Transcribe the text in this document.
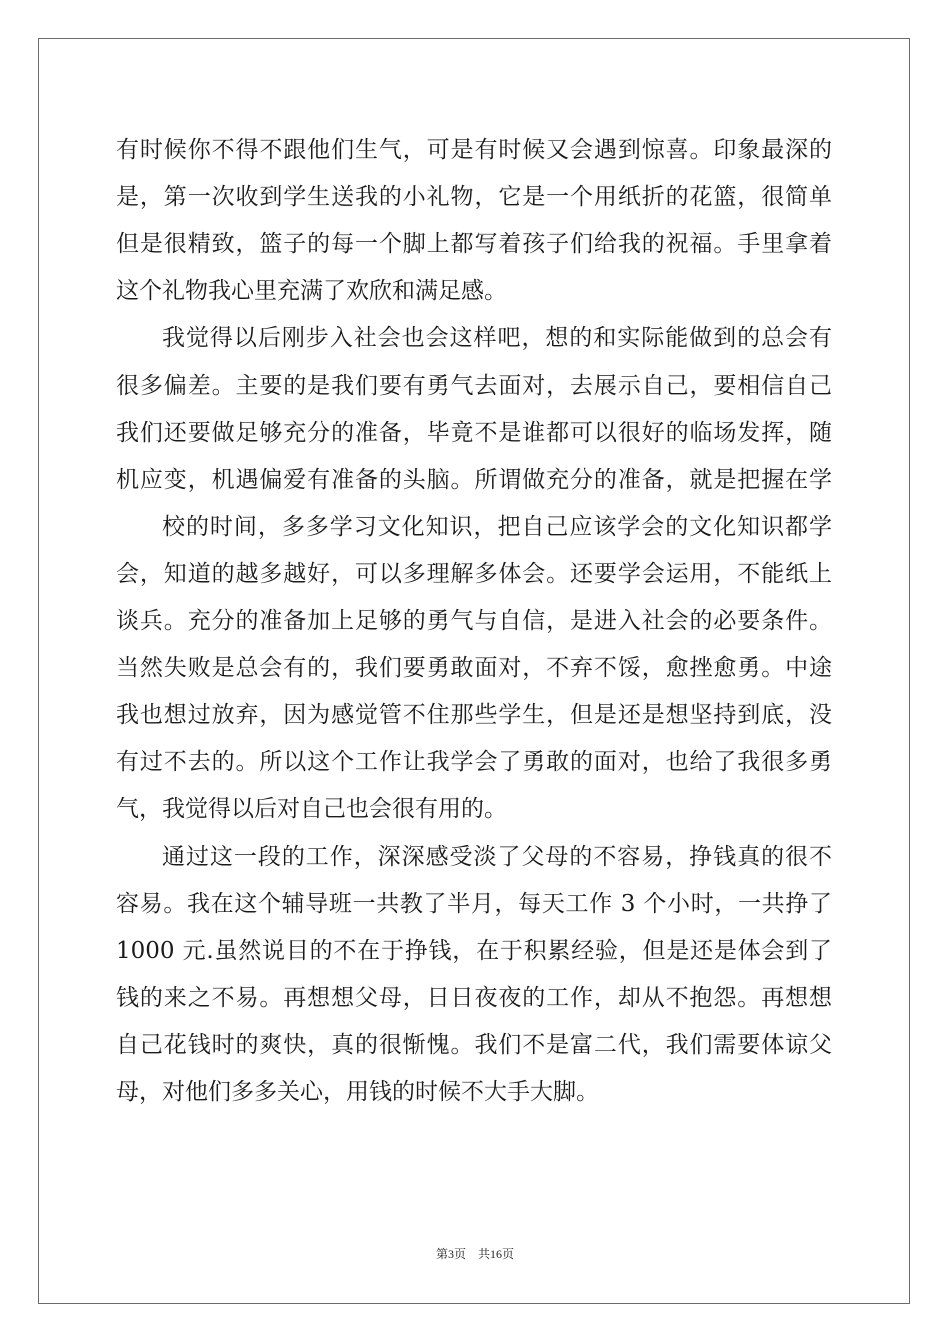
有时候你不得不跟他们生气，可是有时候又会遇到惊喜。印象最深的
是，第一次收到学生送我的小礼物，它是一个用纸折的花篮，很简单
但是很精致，篮子的每一个脚上都写着孩子们给我的祝福。手里拿着
这个礼物我心里充满了欢欣和满足感。
我觉得以后刚步入社会也会这样吧，想的和实际能做到的总会有
很多偏差。主要的是我们要有勇气去面对，去展示自己，要相信自己
我们还要做足够充分的准备，毕竟不是谁都可以很好的临场发挥，随
机应变，机遇偏爱有准备的头脑。所谓做充分的准备，就是把握在学
校的时间，多多学习文化知识，把自己应该学会的文化知识都学
会，知道的越多越好，可以多理解多体会。还要学会运用，不能纸上
谈兵。充分的准备加上足够的勇气与自信，是进入社会的必要条件。
当然失败是总会有的，我们要勇敢面对，不弃不馁，愈挫愈勇。中途
我也想过放弃，因为感觉管不住那些学生，但是还是想坚持到底，没
有过不去的。所以这个工作让我学会了勇敢的面对，也给了我很多勇
气，我觉得以后对自己也会很有用的。
通过这一段的工作，深深感受淡了父母的不容易，挣钱真的很不
容易。我在这个辅导班一共教了半月，每天工作 3 个小时，一共挣了
1000 元.虽然说目的不在于挣钱，在于积累经验，但是还是体会到了
钱的来之不易。再想想父母，日日夜夜的工作，却从不抱怨。再想想
自己花钱时的爽快，真的很惭愧。我们不是富二代，我们需要体谅父
母，对他们多多关心，用钱的时候不大手大脚。
第3页 共16页
